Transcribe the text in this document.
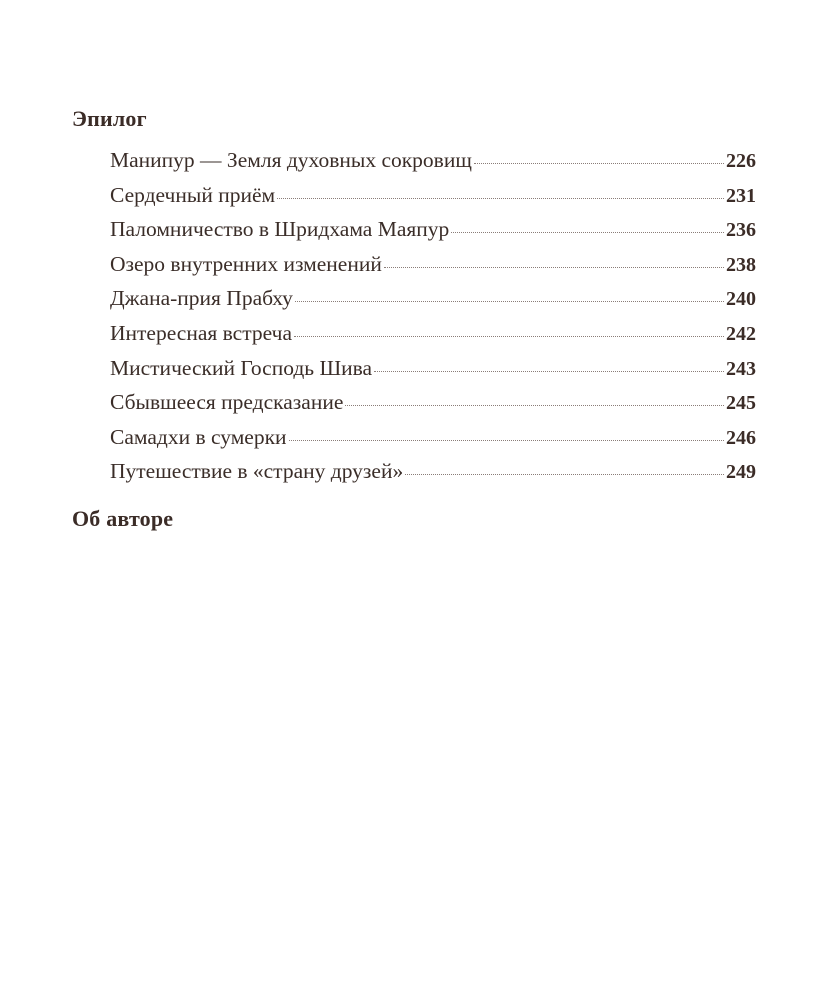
Эпилог
Манипур — Земля духовных сокровищ	226
Сердечный приём	231
Паломничество в Шридхама Маяпур	236
Озеро внутренних изменений	238
Джана-прия Прабху	240
Интересная встреча	242
Мистический Господь Шива	243
Сбывшееся предсказание	245
Самадхи в сумерки	246
Путешествие в «страну друзей»	249
Об авторе
